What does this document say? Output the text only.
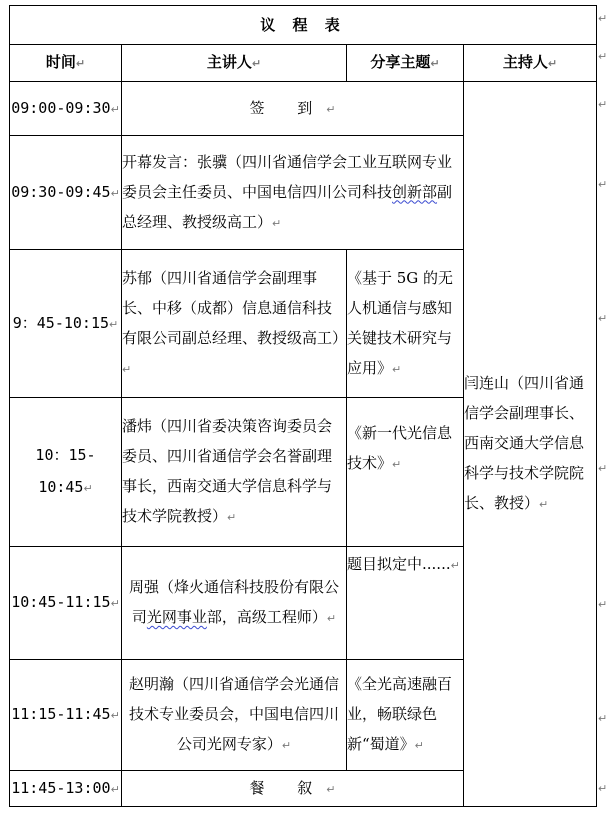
议 程 表			
时间↵	主讲人↵	分享主题↵	主持人↵
09:00-09:30↵	签 到↵		闫连山（四川省通信学会副理事长、西南交通大学信息科学与技术学院院长、教授）↵
09:30-09:45↵	开幕发言：张骥（四川省通信学会工业互联网专业委员会主任委员、中国电信四川公司科技创新部副总经理、教授级高工）↵		
9：45-10:15↵	苏郁（四川省通信学会副理事长、中移（成都）信息通信科技有限公司副总经理、教授级高工）↵	《基于 5G 的无人机通信与感知关键技术研究与应用》↵	
10：15-10:45↵	潘炜（四川省委决策咨询委员会委员、四川省通信学会名誉副理事长，西南交通大学信息科学与技术学院教授）↵	《新一代光信息技术》↵	
10:45-11:15↵	周强（烽火通信科技股份有限公司光网事业部，高级工程师）↵	题目拟定中......↵	
11:15-11:45↵	赵明瀚（四川省通信学会光通信技术专业委员会，中国电信四川公司光网专家）↵	《全光高速融百业，畅联绿色新“蜀道》↵	
11:45-13:00↵	餐 叙↵		
↵
↵
↵
↵
↵
↵
↵
↵
↵
